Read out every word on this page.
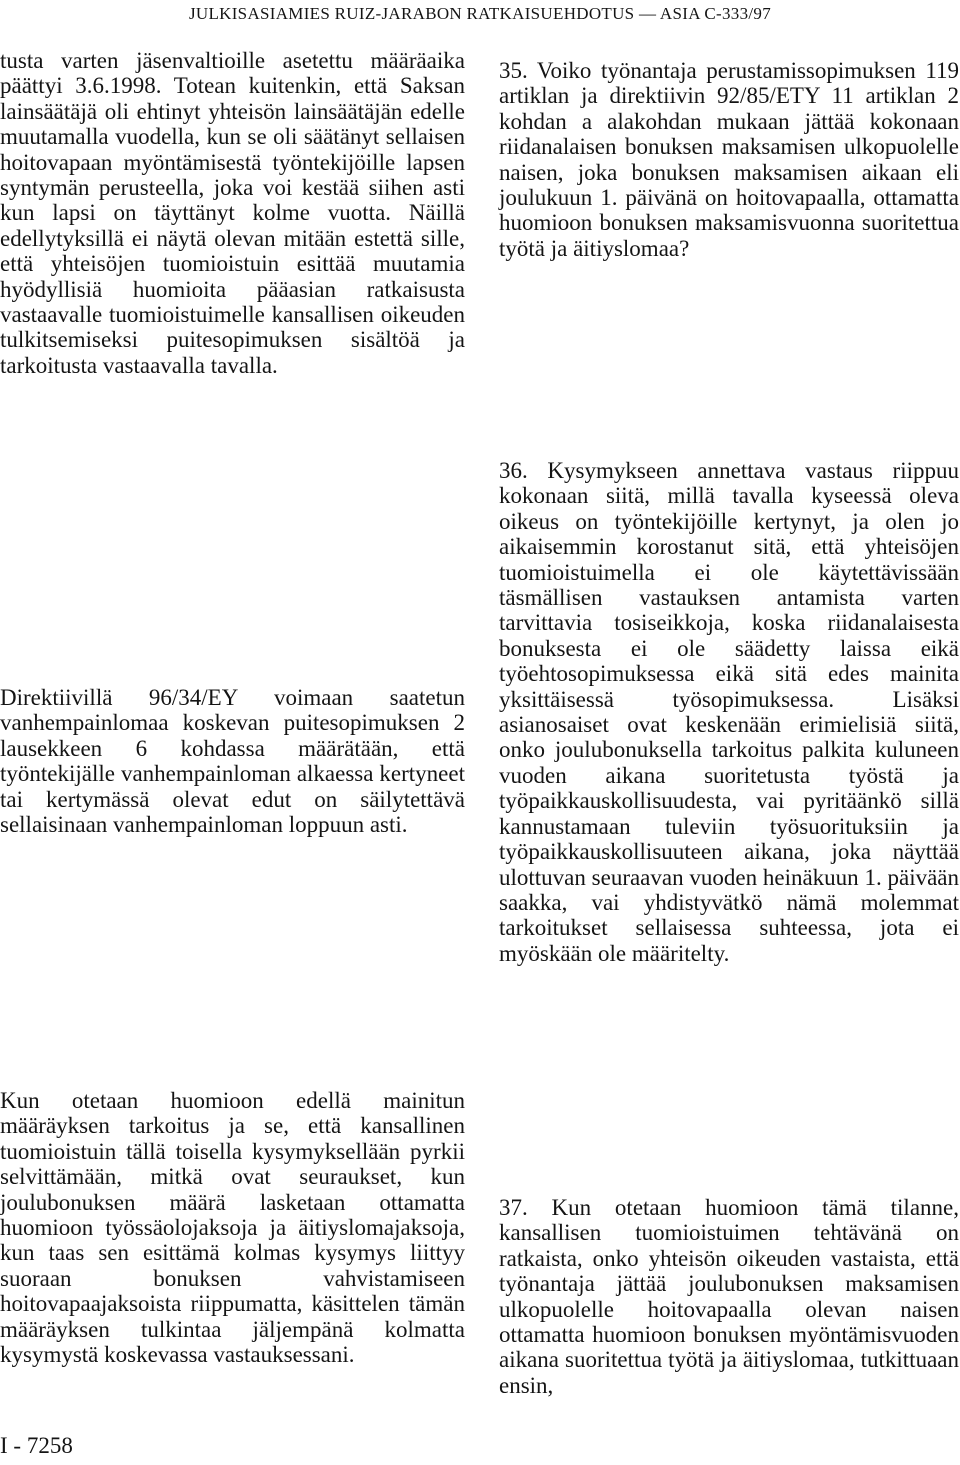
JULKISASIAMIES RUIZ-JARABON RATKAISUEHDOTUS — ASIA C-333/97

tusta varten jäsenvaltioille asetettu määräaika päättyi 3.6.1998. Totean kuitenkin, että Saksan lainsäätäjä oli ehtinyt yhteisön lainsäätäjän edelle muutamalla vuodella, kun se oli säätänyt sellaisen hoitovapaan myöntämisestä työntekijöille lapsen syntymän perusteella, joka voi kestää siihen asti kun lapsi on täyttänyt kolme vuotta. Näillä edellytyksillä ei näytä olevan mitään estettä sille, että yhteisöjen tuomioistuin esittää muutamia hyödyllisiä huomioita pääasian ratkaisusta vastaavalle tuomioistuimelle kansallisen oikeuden tulkitsemiseksi puitesopimuksen sisältöä ja tarkoitusta vastaavalla tavalla.

Direktiivillä 96/34/EY voimaan saatetun vanhempainlomaa koskevan puitesopimuksen 2 lausekkeen 6 kohdassa määrätään, että työntekijälle vanhempainloman alkaessa kertyneet tai kertymässä olevat edut on säilytettävä sellaisinaan vanhempainloman loppuun asti.

Kun otetaan huomioon edellä mainitun määräyksen tarkoitus ja se, että kansallinen tuomioistuin tällä toisella kysymyksellään pyrkii selvittämään, mitkä ovat seuraukset, kun joulubonuksen määrä lasketaan ottamatta huomioon työssäolojaksoja ja äitiyslomajaksoja, kun taas sen esittämä kolmas kysymys liittyy suoraan bonuksen vahvistamiseen hoitovapaajaksoista riippumatta, käsittelen tämän määräyksen tulkintaa jäljempänä kolmatta kysymystä koskevassa vastauksessani.

35. Voiko työnantaja perustamissopimuksen 119 artiklan ja direktiivin 92/85/ETY 11 artiklan 2 kohdan a alakohdan mukaan jättää kokonaan riidanalaisen bonuksen maksamisen ulkopuolelle naisen, joka bonuksen maksamisen aikaan eli joulukuun 1. päivänä on hoitovapaalla, ottamatta huomioon bonuksen maksamisvuonna suoritettua työtä ja äitiyslomaa?

36. Kysymykseen annettava vastaus riippuu kokonaan siitä, millä tavalla kyseessä oleva oikeus on työntekijöille kertynyt, ja olen jo aikaisemmin korostanut sitä, että yhteisöjen tuomioistuimella ei ole käytettävissään täsmällisen vastauksen antamista varten tarvittavia tosiseikkoja, koska riidanalaisesta bonuksesta ei ole säädetty laissa eikä työehtosopimuksessa eikä sitä edes mainita yksittäisessä työsopimuksessa. Lisäksi asianosaiset ovat keskenään erimielisiä siitä, onko joulubonuksella tarkoitus palkita kuluneen vuoden aikana suoritetusta työstä ja työpaikkauskollisuudesta, vai pyritäänkö sillä kannustamaan tuleviin työsuorituksiin ja työpaikkauskollisuuteen aikana, joka näyttää ulottuvan seuraavan vuoden heinäkuun 1. päivään saakka, vai yhdistyvätkö nämä molemmat tarkoitukset sellaisessa suhteessa, jota ei myöskään ole määritelty.

37. Kun otetaan huomioon tämä tilanne, kansallisen tuomioistuimen tehtävänä on ratkaista, onko yhteisön oikeuden vastaista, että työnantaja jättää joulubonuksen maksamisen ulkopuolelle hoitovapaalla olevan naisen ottamatta huomioon bonuksen myöntämisvuoden aikana suoritettua työtä ja äitiyslomaa, tutkittuaan ensin,

I - 7258
